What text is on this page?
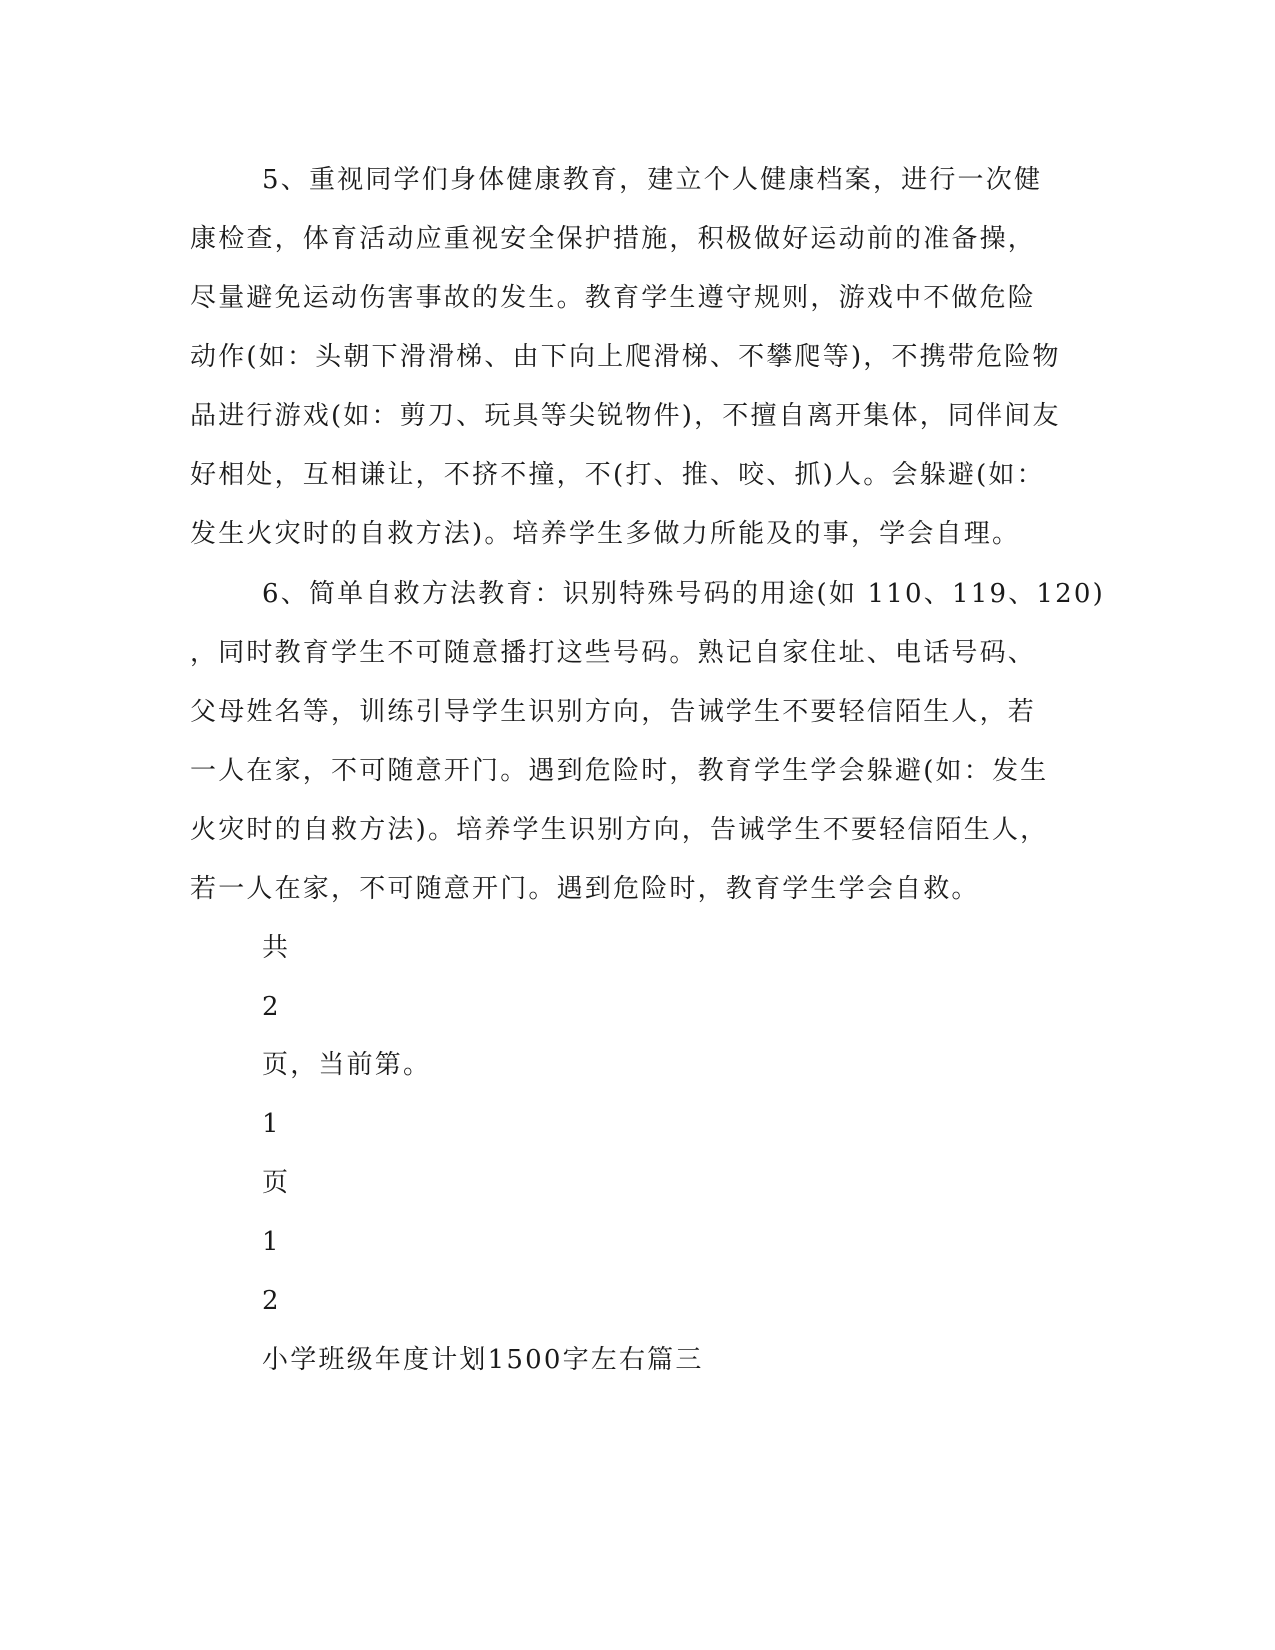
5、重视同学们身体健康教育，建立个人健康档案，进行一次健
康检查，体育活动应重视安全保护措施，积极做好运动前的准备操，
尽量避免运动伤害事故的发生。教育学生遵守规则，游戏中不做危险
动作(如：头朝下滑滑梯、由下向上爬滑梯、不攀爬等)，不携带危险物
品进行游戏(如：剪刀、玩具等尖锐物件)，不擅自离开集体，同伴间友
好相处，互相谦让，不挤不撞，不(打、推、咬、抓)人。会躲避(如：
发生火灾时的自救方法)。培养学生多做力所能及的事，学会自理。
6、简单自救方法教育：识别特殊号码的用途(如 110、119、120)
，同时教育学生不可随意播打这些号码。熟记自家住址、电话号码、
父母姓名等，训练引导学生识别方向，告诫学生不要轻信陌生人，若
一人在家，不可随意开门。遇到危险时，教育学生学会躲避(如：发生
火灾时的自救方法)。培养学生识别方向，告诫学生不要轻信陌生人，
若一人在家，不可随意开门。遇到危险时，教育学生学会自救。
共
2
页，当前第。
1
页
1
2
小学班级年度计划1500字左右篇三
